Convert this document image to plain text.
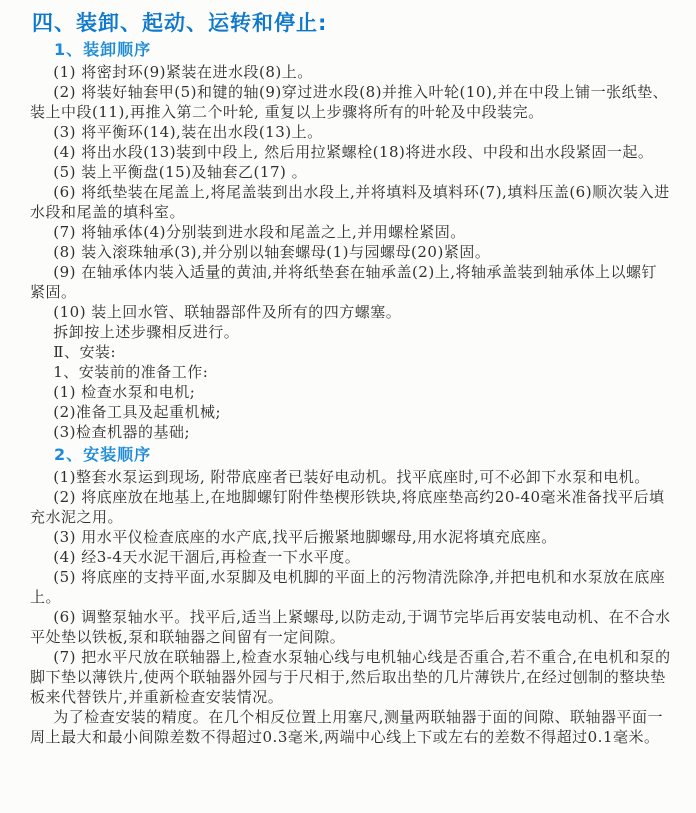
四、装卸、起动、运转和停止:
1、装卸顺序

(1) 将密封环(9)紧装在进水段(8)上。

(2) 将装好轴套甲(5)和键的轴(9)穿过进水段(8)并推入叶轮(10),并在中段上铺一张纸垫、装上中段(11),再推入第二个叶轮, 重复以上步骤将所有的叶轮及中段装完。

(3) 将平衡环(14),装在出水段(13)上。

(4) 将出水段(13)装到中段上, 然后用拉紧螺栓(18)将进水段、中段和出水段紧固一起。

(5) 装上平衡盘(15)及轴套乙(17) 。

(6) 将纸垫装在尾盖上,将尾盖装到出水段上,并将填料及填料环(7),填料压盖(6)顺次装入进水段和尾盖的填科室。

(7) 将轴承体(4)分别装到进水段和尾盖之上,并用螺栓紧固。

(8) 装入滚珠轴承(3),并分别以轴套螺母(1)与园螺母(20)紧固。

(9) 在轴承体内装入适量的黄油,并将纸垫套在轴承盖(2)上,将轴承盖装到轴承体上以螺钉紧固。

(10) 装上回水管、联轴器部件及所有的四方螺塞。

拆卸按上述步骤相反进行。

Ⅱ、安装:

1、安装前的准备工作:

(1) 检查水泵和电机;

(2)准备工具及起重机械;

(3)检查机器的基础;

2、安装顺序

(1)整套水泵运到现场, 附带底座者已装好电动机。找平底座时,可不必卸下水泵和电机。

(2) 将底座放在地基上,在地脚螺钉附件垫楔形铁块,将底座垫高约20-40毫米准备找平后填充水泥之用。

(3) 用水平仪检查底座的水产底,找平后搬紧地脚螺母,用水泥将填充底座。

(4) 经3-4天水泥干涸后,再检查一下水平度。

(5) 将底座的支持平面,水泵脚及电机脚的平面上的污物清洗除净,并把电机和水泵放在底座上。

(6) 调整泵轴水平。找平后,适当上紧螺母,以防走动,于调节完毕后再安装电动机、在不合水平处垫以铁板,泵和联轴器之间留有一定间隙。

(7) 把水平尺放在联轴器上,检查水泵轴心线与电机轴心线是否重合,若不重合,在电机和泵的脚下垫以薄铁片,使两个联轴器外园与于尺相于,然后取出垫的几片薄铁片,在经过刨制的整块垫板来代替铁片,并重新检查安装情况。

为了检查安装的精度。在几个相反位置上用塞尺,测量两联轴器于面的间隙、联轴器平面一周上最大和最小间隙差数不得超过0.3毫米,两端中心线上下或左右的差数不得超过0.1毫米。
